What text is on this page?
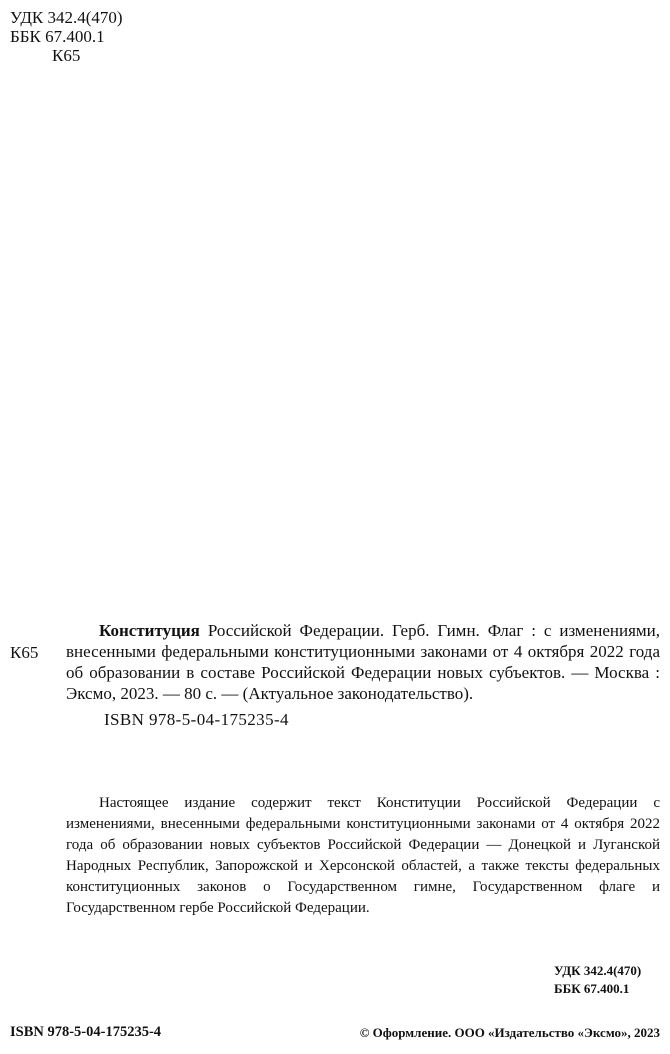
УДК 342.4(470)
ББК 67.400.1
К65
К65
Конституция Российской Федерации. Герб. Гимн. Флаг : с изменениями, внесенными федеральными конституционными законами от 4 октября 2022 года об образовании в составе Российской Федерации новых субъектов. — Москва : Эксмо, 2023. — 80 с. — (Актуальное законодательство).
ISBN 978-5-04-175235-4
Настоящее издание содержит текст Конституции Российской Федерации с изменениями, внесенными федеральными конституционными законами от 4 октября 2022 года об образовании новых субъектов Российской Федерации — Донецкой и Луганской Народных Республик, Запорожской и Херсонской областей, а также тексты федеральных конституционных законов о Государственном гимне, Государственном флаге и Государственном гербе Российской Федерации.
УДК 342.4(470)
ББК 67.400.1
ISBN 978-5-04-175235-4	© Оформление. ООО «Издательство «Эксмо», 2023
